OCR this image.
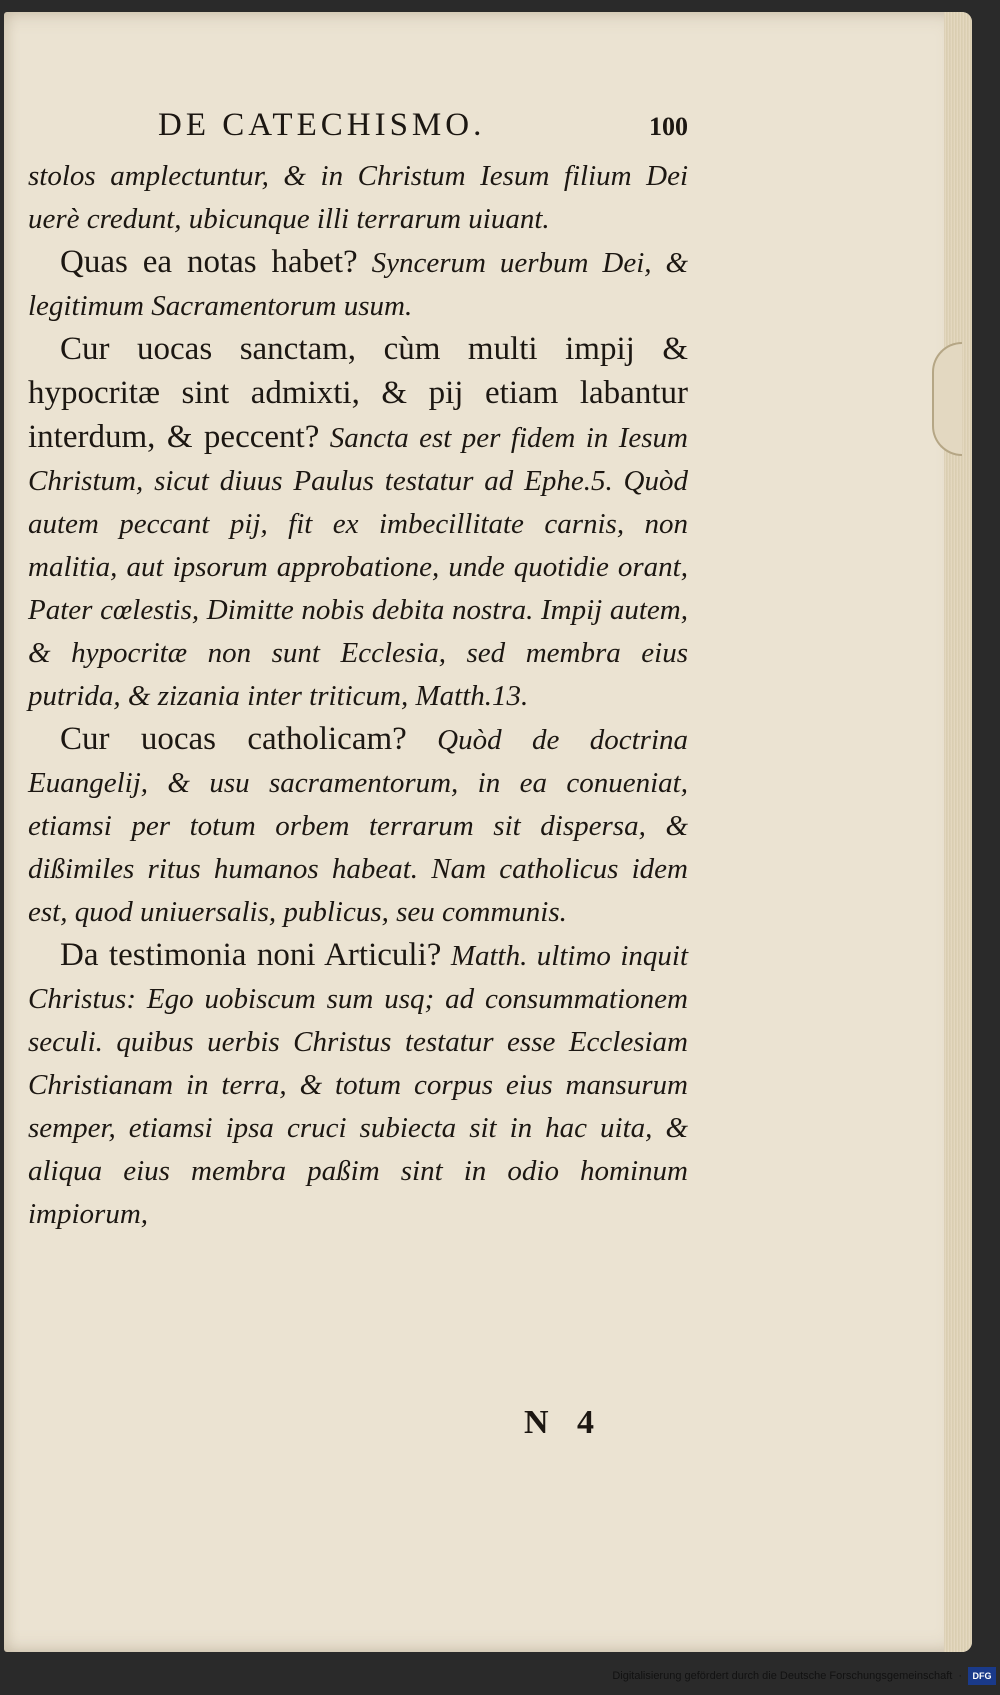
DE CATECHISMO.	100

stolos amplectuntur, & in Christum Iesum filium Dei uerè credunt, ubicunque illi terrarum uiuant.

Quas ea notas habet? Syncerum uerbum Dei, & legitimum Sacramentorum usum.

Cur uocas sanctam, cùm multi impij & hypocritæ sint admixti, & pij etiam labantur interdum, & peccent? Sancta est per fidem in Iesum Christum, sicut diuus Paulus testatur ad Ephe.5. Quòd autem peccant pij, fit ex imbecillitate carnis, non malitia, aut ipsorum approbatione, unde quotidie orant, Pater cœlestis, Dimitte nobis debita nostra. Impij autem, & hypocritæ non sunt Ecclesia, sed membra eius putrida, & zizania inter triticum, Matth.13.

Cur uocas catholicam? Quòd de doctrina Euangelij, & usu sacramentorum, in ea conueniat, etiamsi per totum orbem terrarum sit dispersa, & dißimiles ritus humanos habeat. Nam catholicus idem est, quod uniuersalis, publicus, seu communis.

Da testimonia noni Articuli? Matth. ultimo inquit Christus: Ego uobiscum sum usq; ad consummationem seculi. quibus uerbis Christus testatur esse Ecclesiam Christianam in terra, & totum corpus eius mansurum semper, etiamsi ipsa cruci subiecta sit in hac uita, & aliqua eius membra paßim sint in odio hominum impiorum,

N 4
Digitalisierung gefördert durch die Deutsche Forschungsgemeinschaft ·	DFG
